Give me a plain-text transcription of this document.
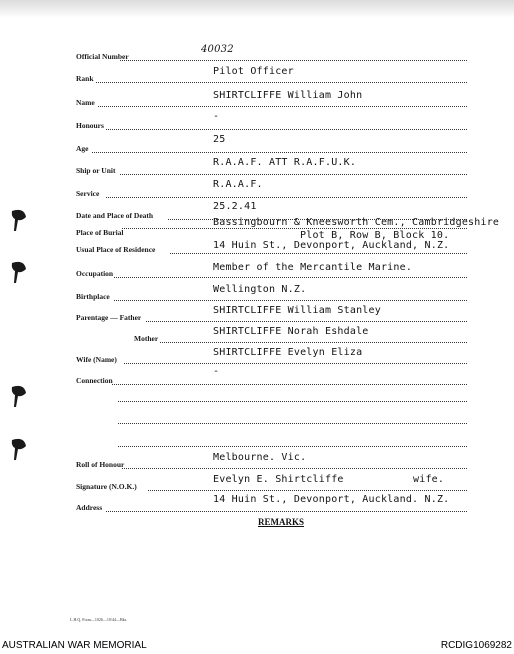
Official Number
40032
Rank
Pilot Officer
Name
SHIRTCLIFFE William John
Honours
-
Age
25
Ship or Unit
R.A.A.F. ATT R.A.F.U.K.
Service
R.A.A.F.
Date and Place of Death
25.2.41
Place of Burial
Bassingbourn & Kneesworth Cem., Cambridgeshire
Plot B, Row B, Block 10.
Usual Place of Residence	14 Huin St., Devonport, Auckland, N.Z.
Occupation
Member of the Mercantile Marine.
Birthplace
Wellington N.Z.
Parentage — Father
SHIRTCLIFFE William Stanley
Mother
SHIRTCLIFFE Norah Eshdale
Wife (Name)
SHIRTCLIFFE Evelyn Eliza
Connection
-
Roll of Honour
Melbourne. Vic.
Signature (N.O.K.)
Evelyn E. Shirtcliffe	wife.
Address
14 Huin St., Devonport, Auckland. N.Z.
REMARKS
L.H.Q. Form—1026—10/44—Bks.
AUSTRALIAN WAR MEMORIAL	RCDIG1069282
